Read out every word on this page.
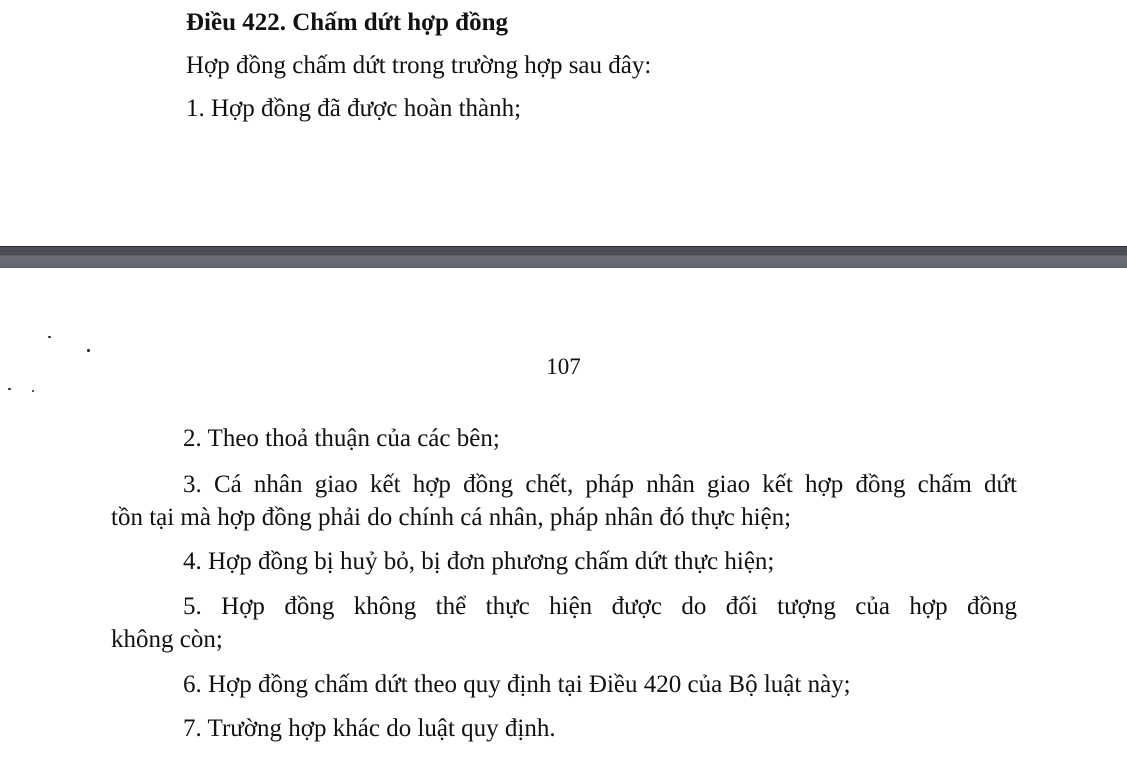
Điều 422. Chấm dứt hợp đồng
Hợp đồng chấm dứt trong trường hợp sau đây:
1. Hợp đồng đã được hoàn thành;
107
2. Theo thoả thuận của các bên;
3. Cá nhân giao kết hợp đồng chết, pháp nhân giao kết hợp đồng chấm dứt
tồn tại mà hợp đồng phải do chính cá nhân, pháp nhân đó thực hiện;
4. Hợp đồng bị huỷ bỏ, bị đơn phương chấm dứt thực hiện;
5. Hợp đồng không thể thực hiện được do đối tượng của hợp đồng
không còn;
6. Hợp đồng chấm dứt theo quy định tại Điều 420 của Bộ luật này;
7. Trường hợp khác do luật quy định.
